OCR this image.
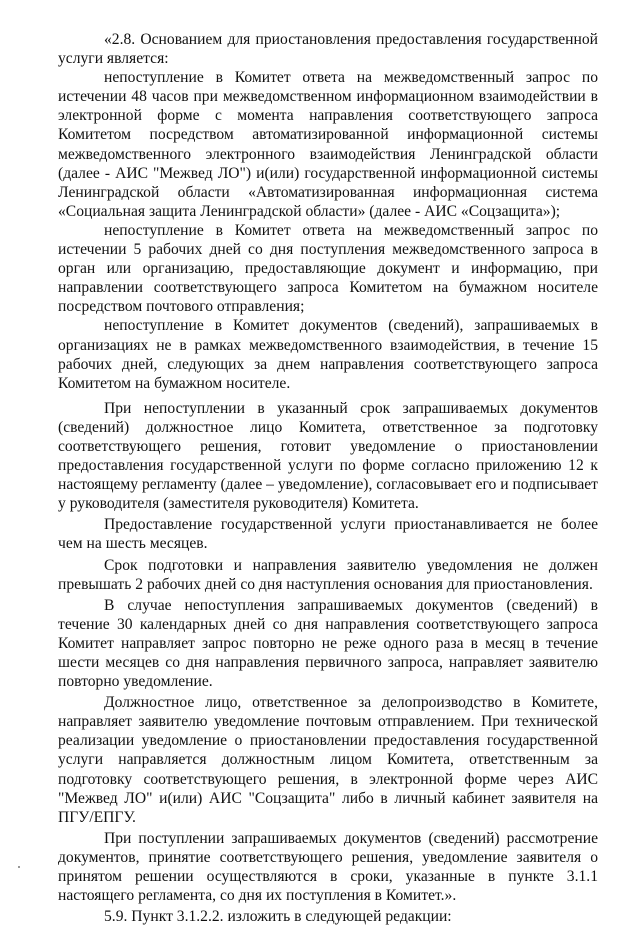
«2.8. Основанием для приостановления предоставления государственной услуги является:

непоступление в Комитет ответа на межведомственный запрос по истечении 48 часов при межведомственном информационном взаимодействии в электронной форме с момента направления соответствующего запроса Комитетом посредством автоматизированной информационной системы межведомственного электронного взаимодействия Ленинградской области (далее - АИС "Межвед ЛО") и(или) государственной информационной системы Ленинградской области «Автоматизированная информационная система «Социальная защита Ленинградской области» (далее - АИС «Соцзащита»);

непоступление в Комитет ответа на межведомственный запрос по истечении 5 рабочих дней со дня поступления межведомственного запроса в орган или организацию, предоставляющие документ и информацию, при направлении соответствующего запроса Комитетом на бумажном носителе посредством почтового отправления;

непоступление в Комитет документов (сведений), запрашиваемых в организациях не в рамках межведомственного взаимодействия, в течение 15 рабочих дней, следующих за днем направления соответствующего запроса Комитетом на бумажном носителе.

При непоступлении в указанный срок запрашиваемых документов (сведений) должностное лицо Комитета, ответственное за подготовку соответствующего решения, готовит уведомление о приостановлении предоставления государственной услуги по форме согласно приложению 12 к настоящему регламенту (далее – уведомление), согласовывает его и подписывает у руководителя (заместителя руководителя) Комитета.

Предоставление государственной услуги приостанавливается не более чем на шесть месяцев.

Срок подготовки и направления заявителю уведомления не должен превышать 2 рабочих дней со дня наступления основания для приостановления.

В случае непоступления запрашиваемых документов (сведений) в течение 30 календарных дней со дня направления соответствующего запроса Комитет направляет запрос повторно не реже одного раза в месяц в течение шести месяцев со дня направления первичного запроса, направляет заявителю повторно уведомление.

Должностное лицо, ответственное за делопроизводство в Комитете, направляет заявителю уведомление почтовым отправлением. При технической реализации уведомление о приостановлении предоставления государственной услуги направляется должностным лицом Комитета, ответственным за подготовку соответствующего решения, в электронной форме через АИС "Межвед ЛО" и(или) АИС "Соцзащита" либо в личный кабинет заявителя на ПГУ/ЕПГУ.

При поступлении запрашиваемых документов (сведений) рассмотрение документов, принятие соответствующего решения, уведомление заявителя о принятом решении осуществляются в сроки, указанные в пункте 3.1.1 настоящего регламента, со дня их поступления в Комитет.».

5.9. Пункт 3.1.2.2. изложить в следующей редакции:
